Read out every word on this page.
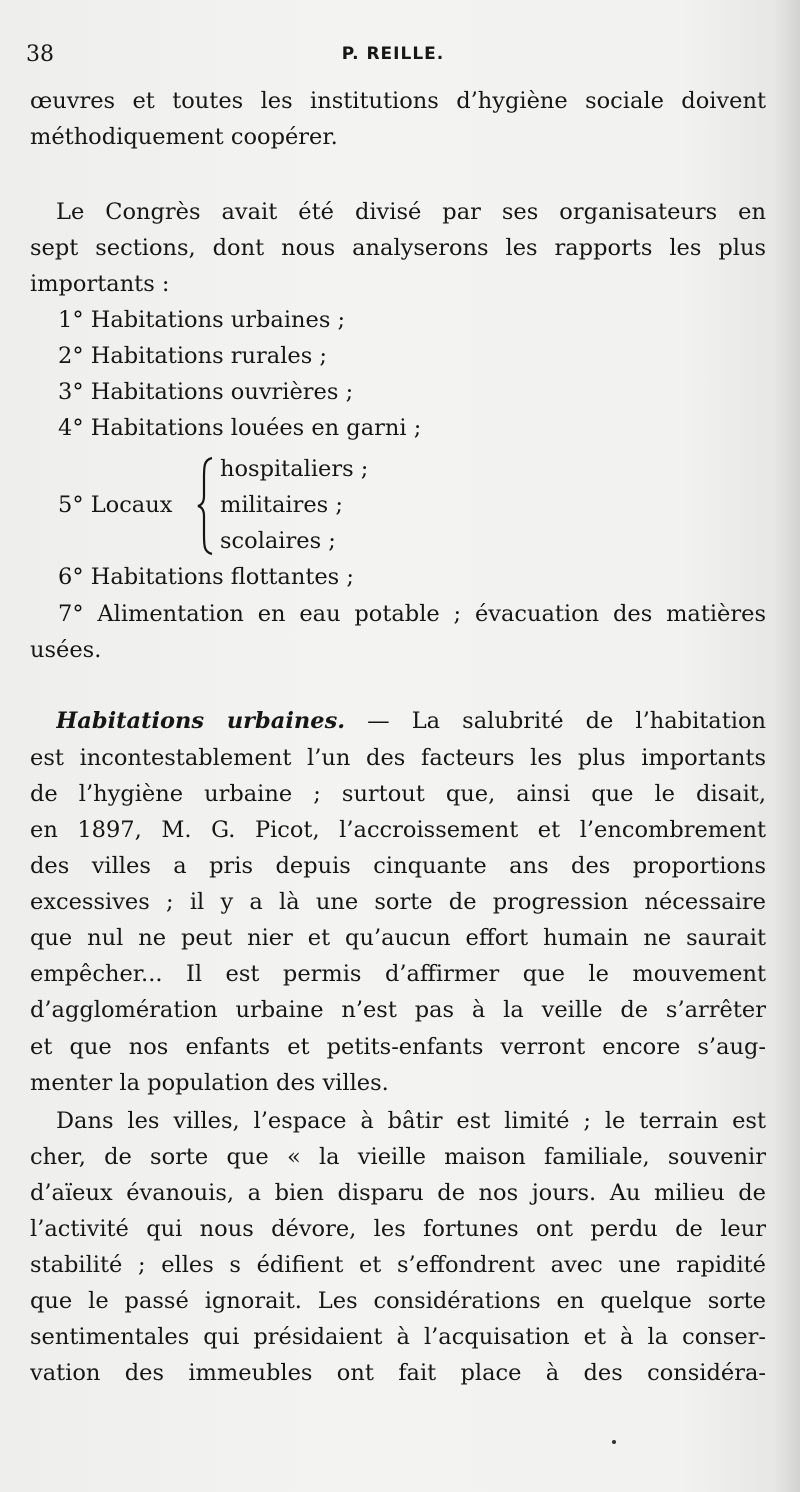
38	P. REILLE.
œuvres et toutes les institutions d’hygiène sociale doivent
méthodiquement coopérer.
Le Congrès avait été divisé par ses organisateurs en
sept sections, dont nous analyserons les rapports les plus
importants :
1° Habitations urbaines ;
2° Habitations rurales ;
3° Habitations ouvrières ;
4° Habitations louées en garni ;
5° Locaux
hospitaliers ;
militaires ;
scolaires ;
6° Habitations flottantes ;
7° Alimentation en eau potable ; évacuation des matières
usées.
Habitations urbaines. — La salubrité de l’habitation
est incontestablement l’un des facteurs les plus importants
de l’hygiène urbaine ; surtout que, ainsi que le disait,
en 1897, M. G. Picot, l’accroissement et l’encombrement
des villes a pris depuis cinquante ans des proportions
excessives ; il y a là une sorte de progression nécessaire
que nul ne peut nier et qu’aucun effort humain ne saurait
empêcher... Il est permis d’affirmer que le mouvement
d’agglomération urbaine n’est pas à la veille de s’arrêter
et que nos enfants et petits-enfants verront encore s’aug-
menter la population des villes.
Dans les villes, l’espace à bâtir est limité ; le terrain est
cher, de sorte que « la vieille maison familiale, souvenir
d’aïeux évanouis, a bien disparu de nos jours. Au milieu de
l’activité qui nous dévore, les fortunes ont perdu de leur
stabilité ; elles s édifient et s’effondrent avec une rapidité
que le passé ignorait. Les considérations en quelque sorte
sentimentales qui présidaient à l’acquisation et à la conser-
vation des immeubles ont fait place à des considéra-
